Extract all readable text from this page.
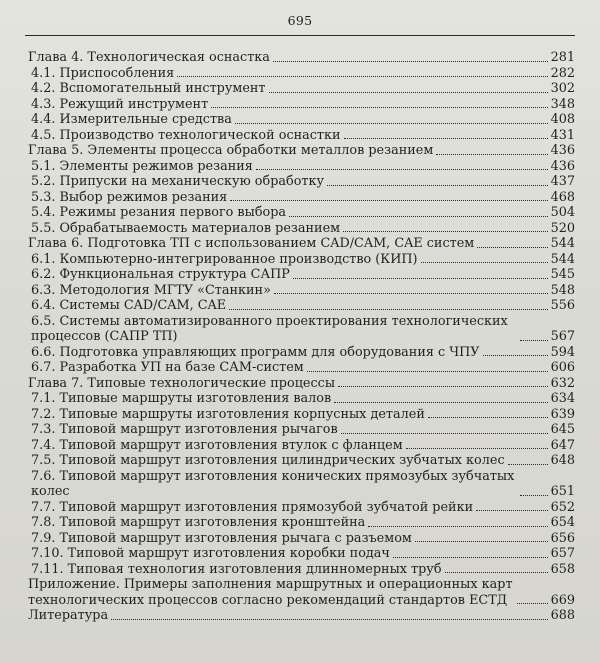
695
Глава 4. Технологическая оснастка	281
4.1. Приспособления	282
4.2. Вспомогательный инструмент	302
4.3. Режущий инструмент	348
4.4. Измерительные средства	408
4.5. Производство технологической оснастки	431
Глава 5. Элементы процесса обработки металлов резанием	436
5.1. Элементы режимов резания	436
5.2. Припуски на механическую обработку	437
5.3. Выбор режимов резания	468
5.4. Режимы резания первого выбора	504
5.5. Обрабатываемость материалов резанием	520
Глава 6. Подготовка ТП с использованием CAD/CAM, CAE систем	544
6.1. Компьютерно-интегрированное производство (КИП)	544
6.2. Функциональная структура САПР	545
6.3. Методология МГТУ «Станкин»	548
6.4. Системы CAD/CAM, CAE	556
6.5. Системы автоматизированного проектирования технологических процессов (САПР ТП)	567
6.6. Подготовка управляющих программ для оборудования с ЧПУ	594
6.7. Разработка УП на базе САМ-систем	606
Глава 7. Типовые технологические процессы	632
7.1. Типовые маршруты изготовления валов	634
7.2. Типовые маршруты изготовления корпусных деталей	639
7.3. Типовой маршрут изготовления рычагов	645
7.4. Типовой маршрут изготовления втулок с фланцем	647
7.5. Типовой маршрут изготовления цилиндрических зубчатых колес	648
7.6. Типовой маршрут изготовления конических прямозубых зубчатых колес	651
7.7. Типовой маршрут изготовления прямозубой зубчатой рейки	652
7.8. Типовой маршрут изготовления кронштейна	654
7.9. Типовой маршрут изготовления рычага с разъемом	656
7.10. Типовой маршрут изготовления коробки подач	657
7.11. Типовая технология изготовления длинномерных труб	658
Приложение. Примеры заполнения маршрутных и операционных карт технологических процессов согласно рекомендаций стандартов ЕСТД	669
Литература	688
